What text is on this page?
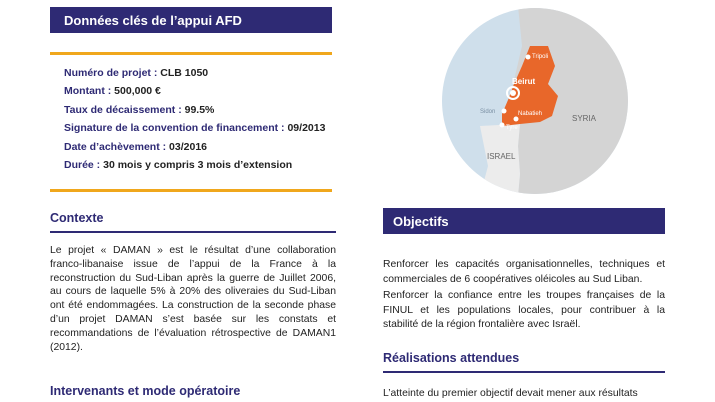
Données clés de l’appui AFD
Numéro de projet : CLB 1050
Montant : 500,000 €
Taux de décaissement : 99.5%
Signature de la convention de financement : 09/2013
Date d’achèvement : 03/2016
Durée : 30 mois y compris 3 mois d’extension
Contexte
Le projet « DAMAN » est le résultat d’une collaboration franco-libanaise issue de l’appui de la France à la reconstruction du Sud-Liban après la guerre de Juillet 2006, au cours de laquelle 5% à 20% des oliveraies du Sud-Liban ont été endommagées. La construction de la seconde phase d’un projet DAMAN s’est basée sur les constats et recommandations de l’évaluation rétrospective de DAMAN1 (2012).
Intervenants et mode opératoire
Tripoli
Beirut
Sidon	Nabatieh
Tyre
SYRIA
ISRAEL
Objectifs

Renforcer les capacités organisationnelles, techniques et commerciales de 6 coopératives oléicoles au Sud Liban.

Renforcer la confiance entre les troupes françaises de la FINUL et les populations locales, pour contribuer à la stabilité de la région frontalière avec Israël.

Réalisations attendues
L’atteinte du premier objectif devait mener aux résultats
